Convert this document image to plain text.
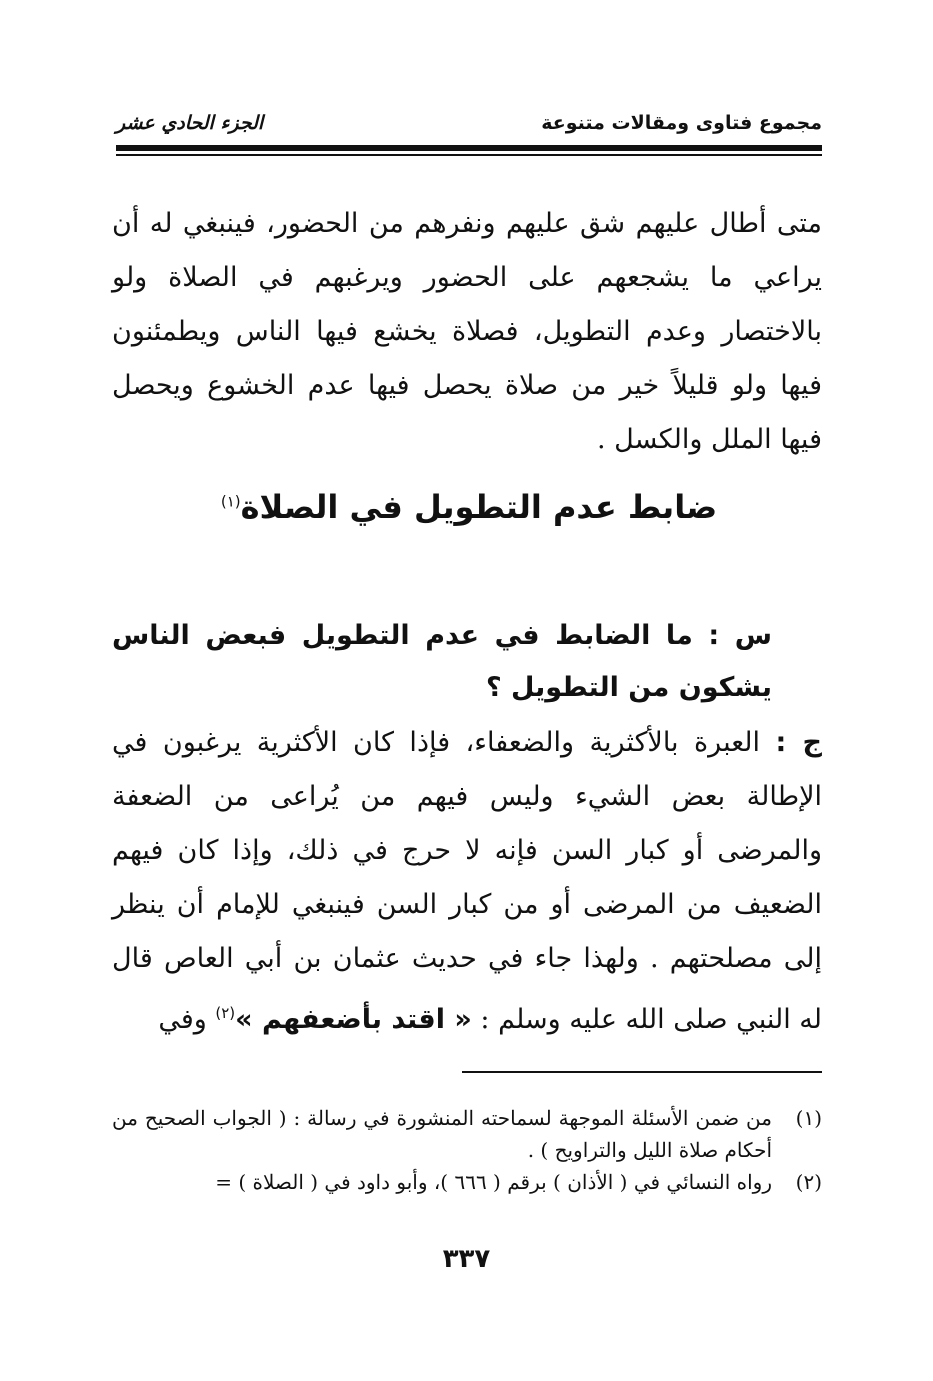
مجموع فتاوى ومقالات متنوعة
الجزء الحادي عشر

متى أطال عليهم شق عليهم ونفرهم من الحضور، فينبغي له أن يراعي ما يشجعهم على الحضور ويرغبهم في الصلاة ولو بالاختصار وعدم التطويل، فصلاة يخشع فيها الناس ويطمئنون فيها ولو قليلاً خير من صلاة يحصل فيها عدم الخشوع ويحصل فيها الملل والكسل .

ضابط عدم التطويل في الصلاة$^{(١)}$

س : ما الضابط في عدم التطويل فبعض الناس يشكون من التطويل ؟

ج : العبرة بالأكثرية والضعفاء، فإذا كان الأكثرية يرغبون في الإطالة بعض الشيء وليس فيهم من يُراعى من الضعفة والمرضى أو كبار السن فإنه لا حرج في ذلك، وإذا كان فيهم الضعيف من المرضى أو من كبار السن فينبغي للإمام أن ينظر إلى مصلحتهم . ولهذا جاء في حديث عثمان بن أبي العاص قال له النبي صلى الله عليه وسلم : « اقتد بأضعفهم »$^{(٢)}$ وفي

(١)
من ضمن الأسئلة الموجهة لسماحته المنشورة في رسالة : ( الجواب الصحيح من أحكام صلاة الليل والتراويح ) .

(٢)
رواه النسائي في ( الأذان ) برقم ( ٦٦٦ )، وأبو داود في ( الصلاة ) =

٣٣٧
